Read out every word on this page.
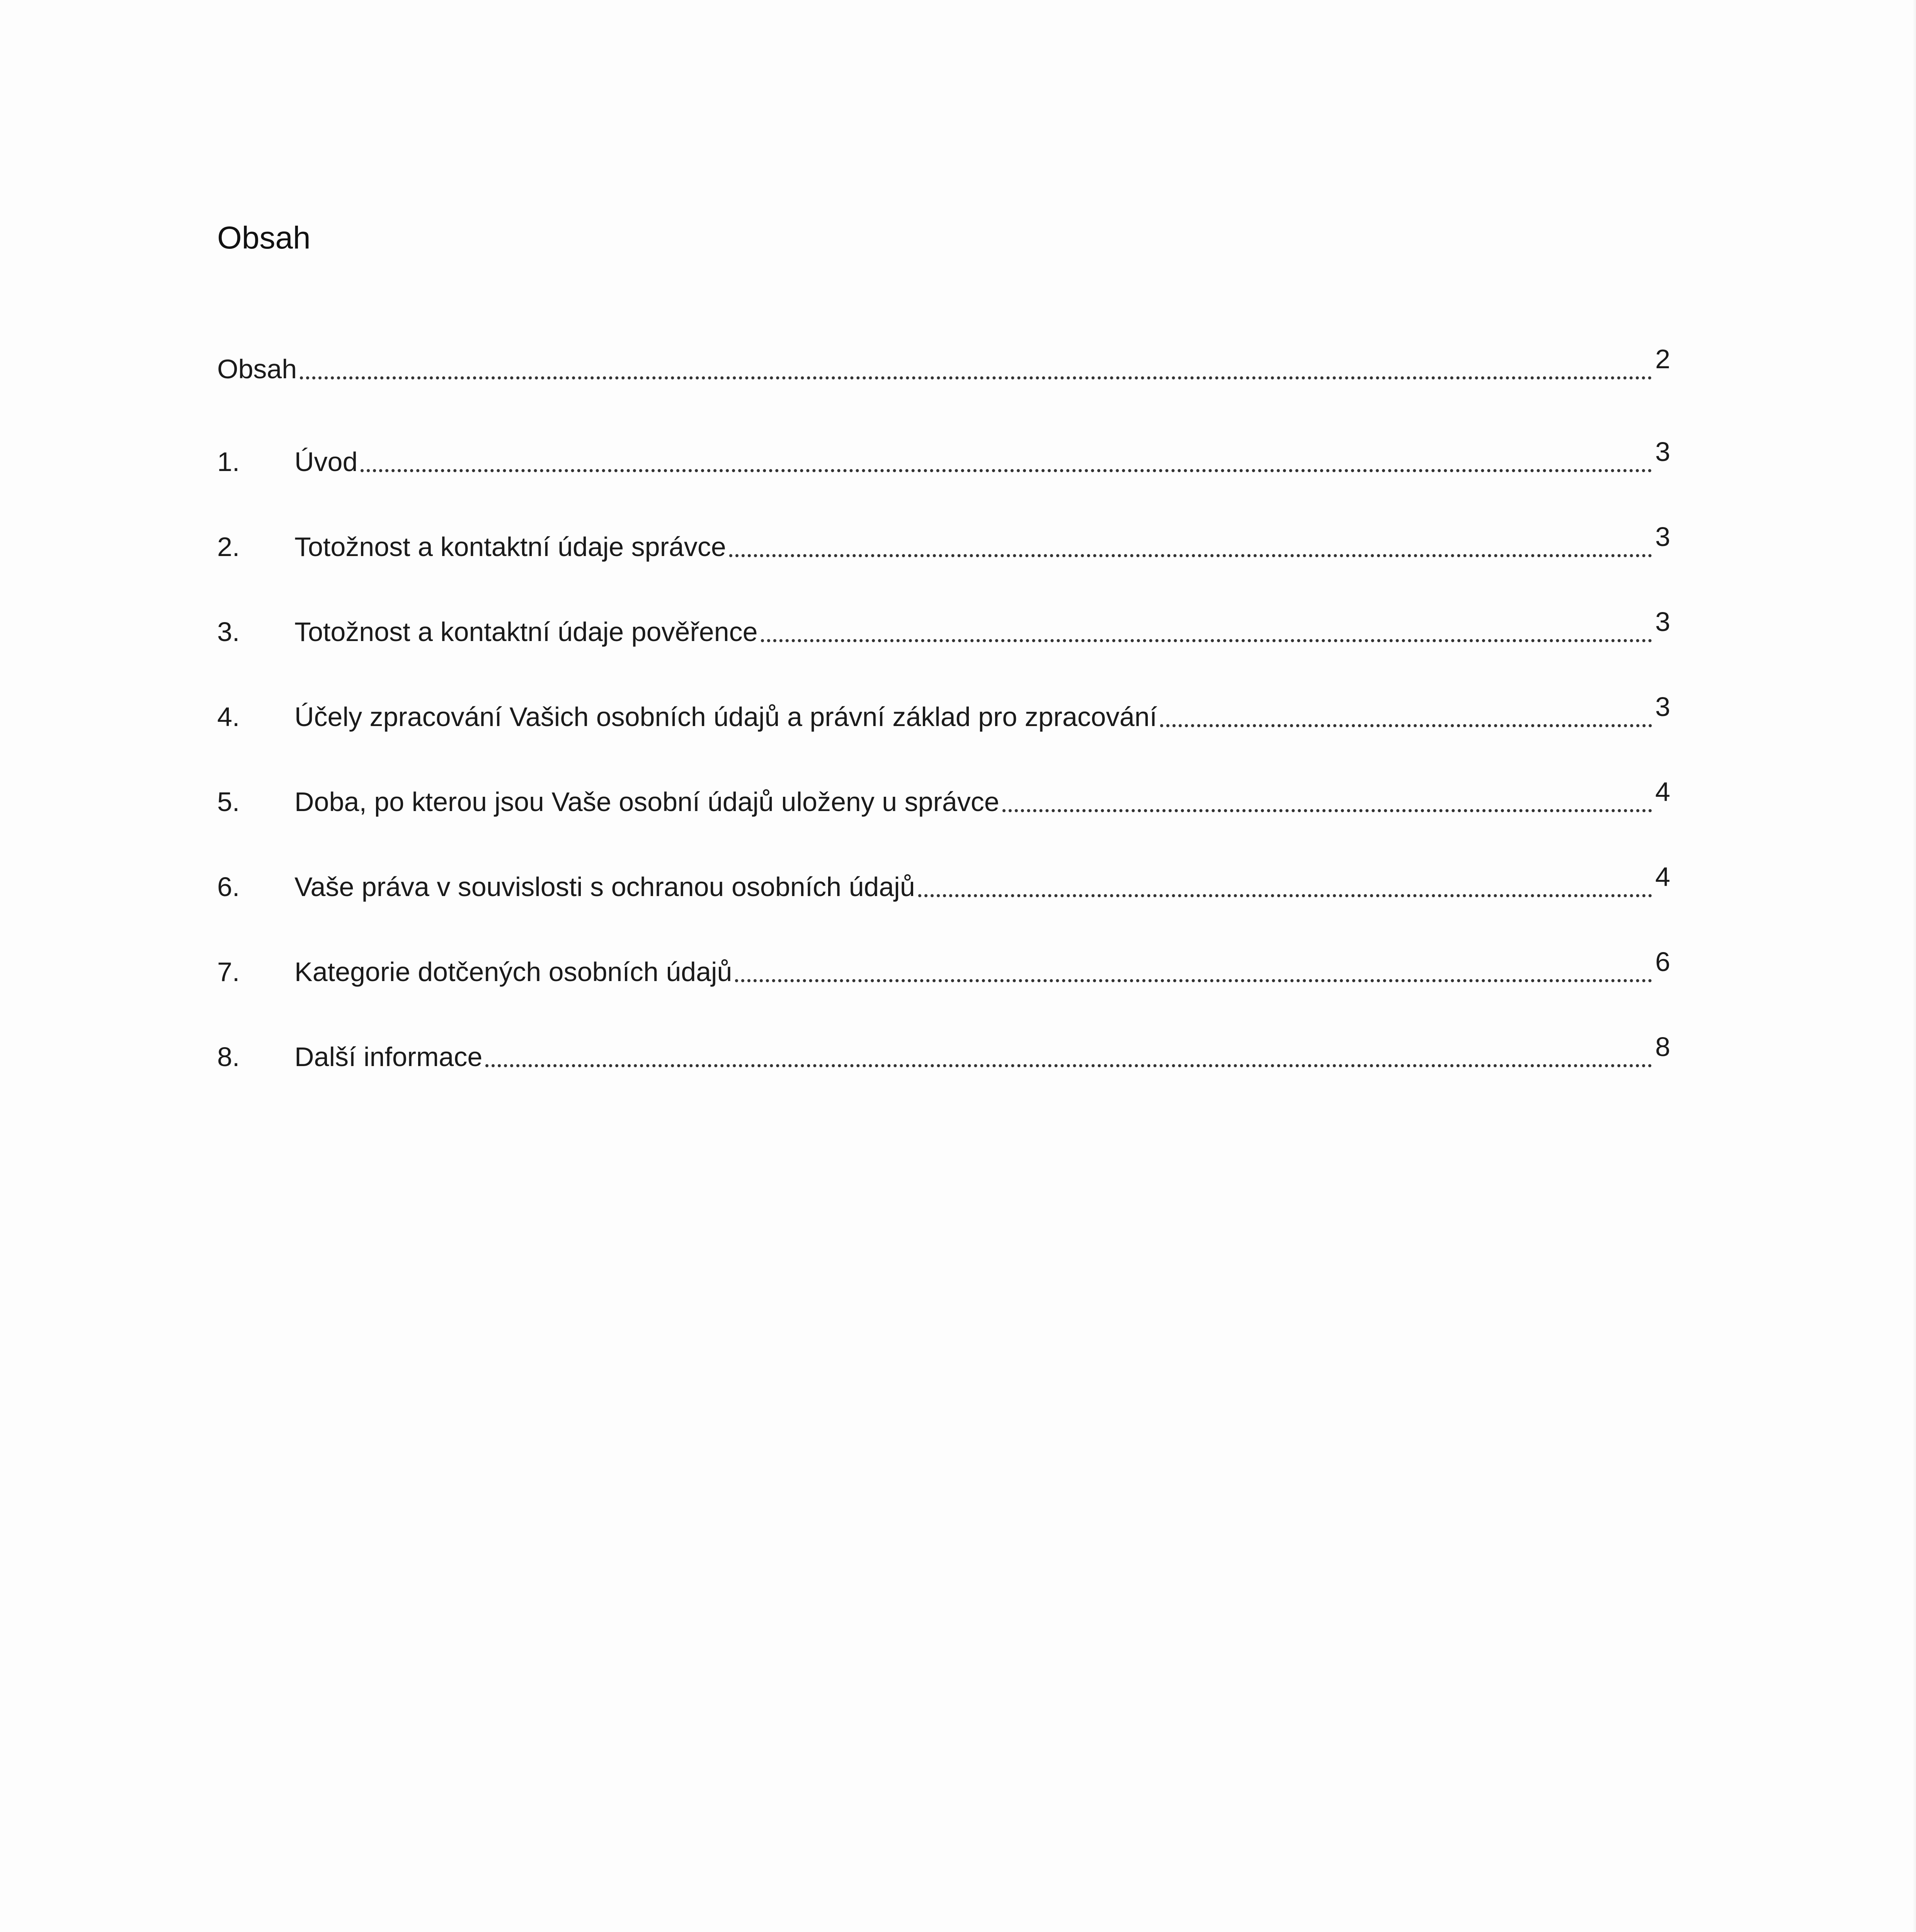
Obsah
Obsah	2
1.	Úvod	3
2.	Totožnost a kontaktní údaje správce	3
3.	Totožnost a kontaktní údaje pověřence	3
4.	Účely zpracování Vašich osobních údajů a právní základ pro zpracování	3
5.	Doba, po kterou jsou Vaše osobní údajů uloženy u správce	4
6.	Vaše práva v souvislosti s ochranou osobních údajů	4
7.	Kategorie dotčených osobních údajů	6
8.	Další informace	8
